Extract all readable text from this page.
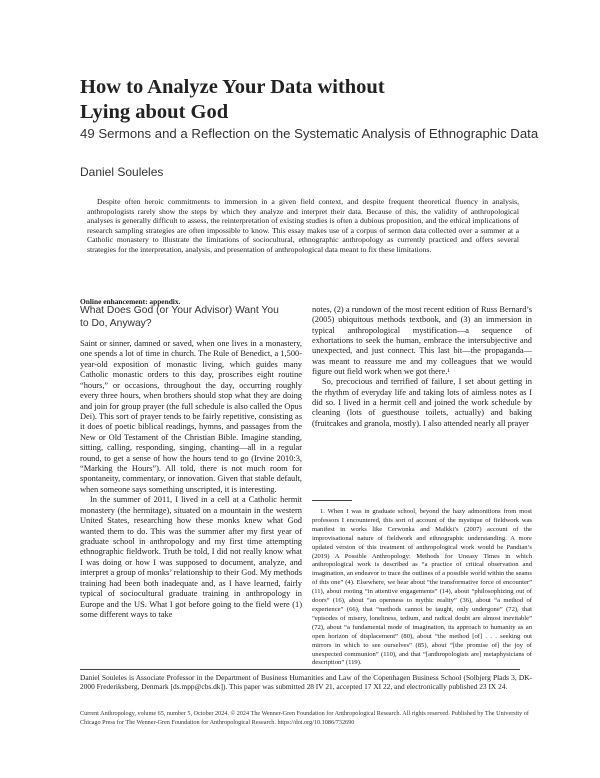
How to Analyze Your Data without
Lying about God
49 Sermons and a Reflection on the Systematic Analysis of Ethnographic Data
Daniel Souleles

Despite often heroic commitments to immersion in a given field context, and despite frequent theoretical fluency in analysis, anthropologists rarely show the steps by which they analyze and interpret their data. Because of this, the validity of anthropological analyses is generally difficult to assess, the reinterpretation of existing studies is often a dubious proposition, and the ethical implications of research sampling strategies are often impossible to know. This essay makes use of a corpus of sermon data collected over a summer at a Catholic monastery to illustrate the limitations of sociocultural, ethnographic anthropology as currently practiced and offers several strategies for the interpretation, analysis, and presentation of anthropological data meant to fix these limitations.

Online enhancement: appendix.
What Does God (or Your Advisor) Want You
to Do, Anyway?

Saint or sinner, damned or saved, when one lives in a monastery, one spends a lot of time in church. The Rule of Benedict, a 1,500-year-old exposition of monastic living, which guides many Catholic monastic orders to this day, proscribes eight routine “hours,” or occasions, throughout the day, occurring roughly every three hours, when brothers should stop what they are doing and join for group prayer (the full schedule is also called the Opus Dei). This sort of prayer tends to be fairly repetitive, consisting as it does of poetic biblical readings, hymns, and passages from the New or Old Testament of the Christian Bible. Imagine standing, sitting, calling, responding, singing, chanting—all in a regular round, to get a sense of how the hours tend to go (Irvine 2010:3, “Marking the Hours”). All told, there is not much room for spontaneity, commentary, or innovation. Given that stable default, when someone says something unscripted, it is interesting.

In the summer of 2011, I lived in a cell at a Catholic hermit monastery (the hermitage), situated on a mountain in the western United States, researching how these monks knew what God wanted them to do. This was the summer after my first year of graduate school in anthropology and my first time attempting ethnographic fieldwork. Truth be told, I did not really know what I was doing or how I was supposed to document, analyze, and interpret a group of monks’ relationship to their God. My methods training had been both inadequate and, as I have learned, fairly typical of sociocultural graduate training in anthropology in Europe and the US. What I got before going to the field were (1) some different ways to take

notes, (2) a rundown of the most recent edition of Russ Bernard’s (2005) ubiquitous methods textbook, and (3) an immersion in typical anthropological mystification—a sequence of exhortations to seek the human, embrace the intersubjective and unexpected, and just connect. This last bit—the propaganda—was meant to reassure me and my colleagues that we would figure out field work when we got there.¹

So, precocious and terrified of failure, I set about getting in the rhythm of everyday life and taking lots of aimless notes as I did so. I lived in a hermit cell and joined the work schedule by cleaning (lots of guesthouse toilets, actually) and baking (fruitcakes and granola, mostly). I also attended nearly all prayer

1. When I was in graduate school, beyond the hazy admonitions from most professors I encountered, this sort of account of the mystique of fieldwork was manifest in works like Cerwonka and Malkki’s (2007) account of the improvisational nature of fieldwork and ethnographic understanding. A more updated version of this treatment of anthropological work would be Pandian’s (2019) A Possible Anthropology: Methods for Uneasy Times in which anthropological work is described as “a practice of critical observation and imagination, an endeavor to trace the outlines of a possible world within the seams of this one” (4). Elsewhere, we hear about “the transformative force of encounter” (11), about rooting “in attentive engagements” (14), about “philosophizing out of doors” (16), about “an openness to mythic reality” (36), about “a method of experience” (66), that “methods cannot be taught, only undergone” (72), that “episodes of misery, loneliness, tedium, and radical doubt are almost inevitable” (72), about “a fundamental mode of imagination, its approach to humanity as an open horizon of displacement” (80), about “the method [of] . . . seeking out mirrors in which to see ourselves” (85), about “[the promise of] the joy of unexpected communion” (110), and that “[anthropologists are] metaphysicians of description” (119).

Daniel Souleles is Associate Professor in the Department of Business Humanities and Law of the Copenhagen Business School (Solbjerg Plads 3, DK-2000 Frederiksberg, Denmark [ds.mpp@cbs.dk]). This paper was submitted 28 IV 21, accepted 17 XI 22, and electronically published 23 IX 24.
Current Anthropology, volume 65, number 5, October 2024. © 2024 The Wenner-Gren Foundation for Anthropological Research. All rights reserved. Published by The University of Chicago Press for The Wenner-Gren Foundation for Anthropological Research. https://doi.org/10.1086/732690
